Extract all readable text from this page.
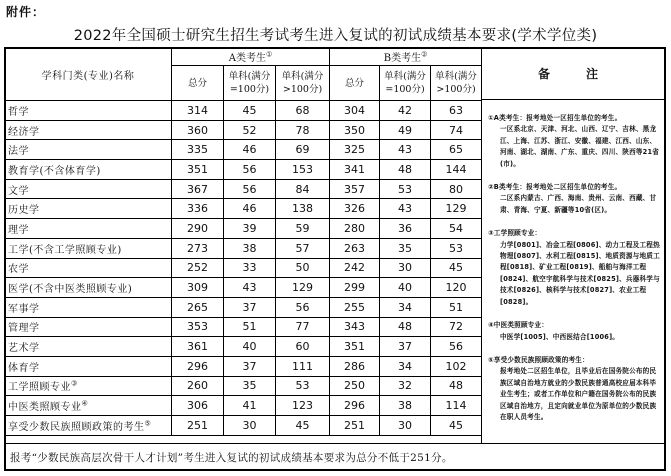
附件：
2022年全国硕士研究生招生考试考生进入复试的初试成绩基本要求(学术学位类)
学科门类(专业)名称	A类考生①			B类考生②
	总分	单科(满分=100分)	单科(满分>100分)	总分	单科(满分=100分)	单科(满分>100分)
哲学	314	45	68	304	42	63
经济学	360	52	78	350	49	74
法学	335	46	69	325	43	65
教育学(不含体育学)	351	56	153	341	48	144
文学	367	56	84	357	53	80
历史学	336	46	138	326	43	129
理学	290	39	59	280	36	54
工学(不含工学照顾专业)	273	38	57	263	35	53
农学	252	33	50	242	30	45
医学(不含中医类照顾专业)	309	43	129	299	40	120
军事学	265	37	56	255	34	51
管理学	353	51	77	343	48	72
艺术学	361	40	60	351	37	56
体育学	296	37	111	286	34	102
工学照顾专业③	260	35	53	250	32	48
中医类照顾专业④	306	41	123	296	38	114
享受少数民族照顾政策的考生⑤	251	30	45	251	30	45
备　注
①A类考生：报考地处一区招生单位的考生。
一区系北京、天津、河北、山西、辽宁、吉林、黑龙江、上海、江苏、浙江、安徽、福建、江西、山东、河南、湖北、湖南、广东、重庆、四川、陕西等21省(市)。
②B类考生：报考地处二区招生单位的考生。
二区系内蒙古、广西、海南、贵州、云南、西藏、甘肃、青海、宁夏、新疆等10省(区)。
③工学照顾专业：
力学[0801]、冶金工程[0806]、动力工程及工程热物理[0807]、水利工程[0815]、地质资源与地质工程[0818]、矿业工程[0819]、船舶与海洋工程[0824]、航空宇航科学与技术[0825]、兵器科学与技术[0826]、核科学与技术[0827]、农业工程[0828]。
④中医类照顾专业：
中医学[1005]、中西医结合[1006]。
⑤享受少数民族照顾政策的考生：
报考地处二区招生单位，且毕业后在国务院公布的民族区域自治地方就业的少数民族普通高校应届本科毕业生考生；或者工作单位和户籍在国务院公布的民族区域自治地方，且定向就业单位为原单位的少数民族在职人员考生。
报考“少数民族高层次骨干人才计划”考生进入复试的初试成绩基本要求为总分不低于251分。
